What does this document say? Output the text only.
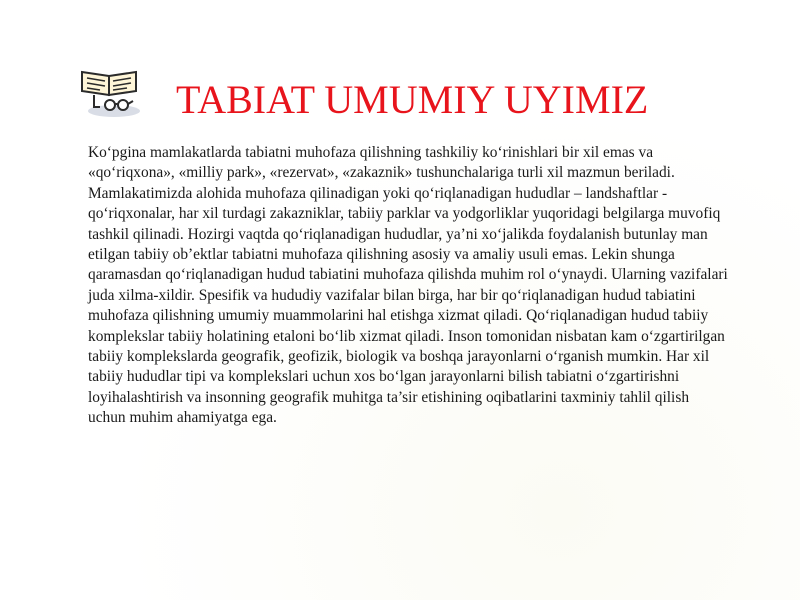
TABIAT UMUMIY UYIMIZ

Ko‘pgina mamlakatlarda tabiatni muhofaza qilishning tashkiliy ko‘rinishlari bir xil emas va «qo‘riqxona», «milliy park», «rezervat», «zakaznik» tushunchalariga turli xil mazmun beriladi. Mamlakatimizda alohida muhofaza qilinadigan yoki qo‘riqlanadigan hududlar – landshaftlar - qo‘riqxonalar, har xil turdagi zakazniklar, tabiiy parklar va yodgorliklar yuqoridagi belgilarga muvofiq tashkil qilinadi. Hozirgi vaqtda qo‘riqlanadigan hududlar, ya’ni xo‘jalikda foydalanish butunlay man etilgan tabiiy ob’ektlar tabiatni muhofaza qilishning asosiy va amaliy usuli emas. Lekin shunga qaramasdan qo‘riqlanadigan hudud tabiatini muhofaza qilishda muhim rol o‘ynaydi. Ularning vazifalari juda xilma-xildir. Spesifik va hududiy vazifalar bilan birga, har bir qo‘riqlanadigan hudud tabiatini muhofaza qilishning umumiy muammolarini hal etishga xizmat qiladi. Qo‘riqlanadigan hudud tabiiy komplekslar tabiiy holatining etaloni bo‘lib xizmat qiladi. Inson tomonidan nisbatan kam o‘zgartirilgan tabiiy komplekslarda geografik, geofizik, biologik va boshqa jarayonlarni o‘rganish mumkin. Har xil tabiiy hududlar tipi va komplekslari uchun xos bo‘lgan jarayonlarni bilish tabiatni o‘zgartirishni loyihalashtirish va insonning geografik muhitga ta’sir etishining oqibatlarini taxminiy tahlil qilish uchun muhim ahamiyatga ega.
